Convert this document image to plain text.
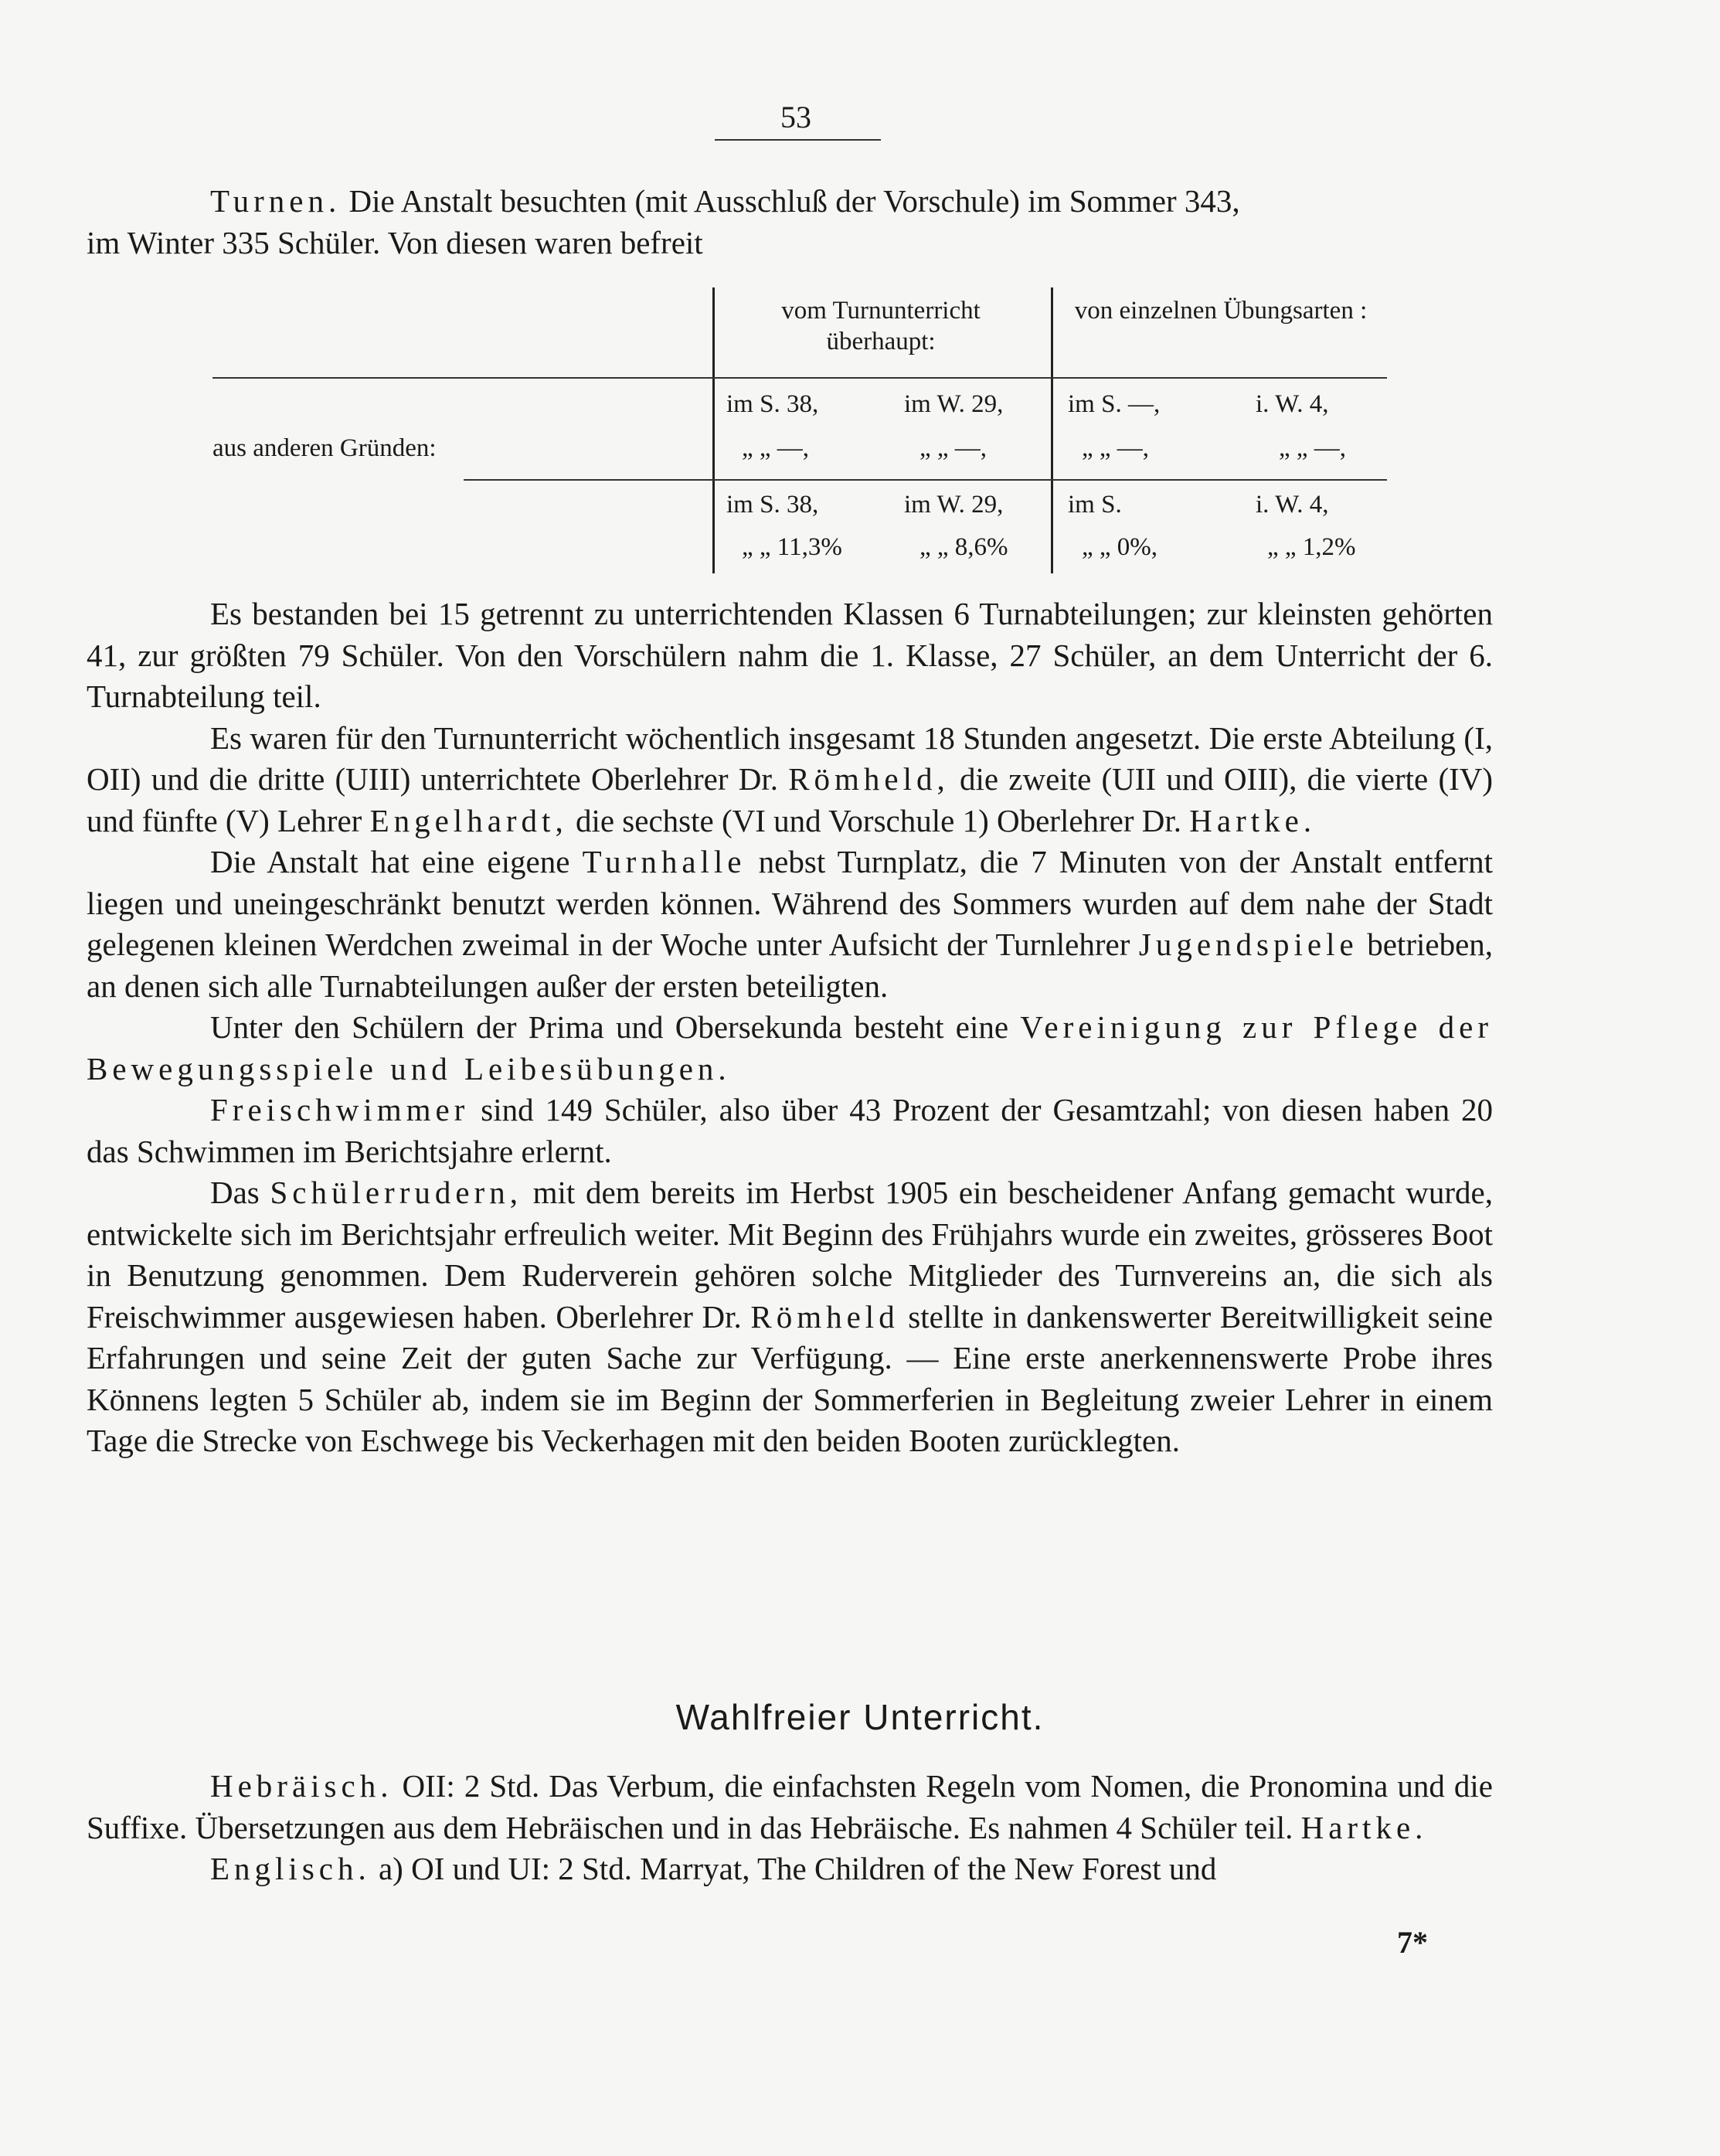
53

Turnen. Die Anstalt besuchten (mit Ausschluß der Vorschule) im Sommer 343,

im Winter 335 Schüler. Von diesen waren befreit

vom Turnunterricht überhaupt:
von einzelnen Übungsarten :
im S. 38,	im W. 29,	im S. —,	i. W. 4,
aus anderen Gründen:	„ „ —,	„ „ —,	„ „ —,	„ „ —,
im S. 38,	im W. 29,	im S.	i. W. 4,
„ „ 11,3%	„ „ 8,6%	„ „ 0%,	„ „ 1,2%

Es bestanden bei 15 getrennt zu unterrichtenden Klassen 6 Turnabteilungen; zur kleinsten gehörten 41, zur größten 79 Schüler. Von den Vorschülern nahm die 1. Klasse, 27 Schüler, an dem Unterricht der 6. Turnabteilung teil.

Es waren für den Turnunterricht wöchentlich insgesamt 18 Stunden angesetzt. Die erste Abteilung (I, OII) und die dritte (UIII) unterrichtete Oberlehrer Dr. Römheld, die zweite (UII und OIII), die vierte (IV) und fünfte (V) Lehrer Engelhardt, die sechste (VI und Vorschule 1) Oberlehrer Dr. Hartke.

Die Anstalt hat eine eigene Turnhalle nebst Turnplatz, die 7 Minuten von der Anstalt entfernt liegen und uneingeschränkt benutzt werden können. Während des Sommers wurden auf dem nahe der Stadt gelegenen kleinen Werdchen zweimal in der Woche unter Aufsicht der Turnlehrer Jugendspiele betrieben, an denen sich alle Turnabteilungen außer der ersten beteiligten.

Unter den Schülern der Prima und Obersekunda besteht eine Vereinigung zur Pflege der Bewegungsspiele und Leibesübungen.

Freischwimmer sind 149 Schüler, also über 43 Prozent der Gesamtzahl; von diesen haben 20 das Schwimmen im Berichtsjahre erlernt.

Das Schülerrudern, mit dem bereits im Herbst 1905 ein bescheidener Anfang gemacht wurde, entwickelte sich im Berichtsjahr erfreulich weiter. Mit Beginn des Frühjahrs wurde ein zweites, grösseres Boot in Benutzung genommen. Dem Ruderverein gehören solche Mitglieder des Turnvereins an, die sich als Freischwimmer ausgewiesen haben. Oberlehrer Dr. Römheld stellte in dankenswerter Bereitwilligkeit seine Erfahrungen und seine Zeit der guten Sache zur Verfügung. — Eine erste anerkennenswerte Probe ihres Könnens legten 5 Schüler ab, indem sie im Beginn der Sommerferien in Begleitung zweier Lehrer in einem Tage die Strecke von Eschwege bis Veckerhagen mit den beiden Booten zurücklegten.

Wahlfreier Unterricht.

Hebräisch. OII: 2 Std. Das Verbum, die einfachsten Regeln vom Nomen, die Pronomina und die Suffixe. Übersetzungen aus dem Hebräischen und in das Hebräische. Es nahmen 4 Schüler teil. Hartke.

Englisch. a) OI und UI: 2 Std. Marryat, The Children of the New Forest und

7*
